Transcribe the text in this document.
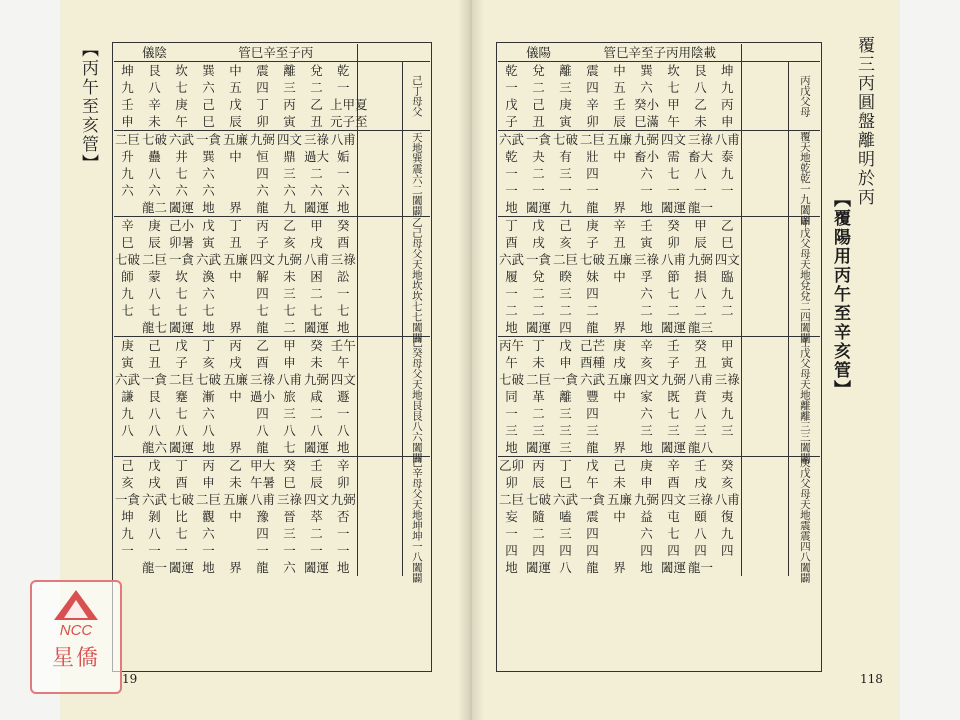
【丙午至亥管】	儀陰			管巳辛至子丙							
坤	艮	坎	巽	中	震	離	兌	乾		己丁母父
九	八	七	六	五	四	三	二	一		
壬	辛	庚	己	戊	丁	丙	乙	上甲夏		
申	未	午	巳	辰	卯	寅	丑	元子至		
二巨	七破	六武	一貪	五廉	九弼	四文	三祿	八甫		天地巽震六二闔闢
升	蠱	井	巽	中	恒	鼎	過大	姤		
九	八	七	六		四	三	二	一		
六	六	六	六		六	六	六	六		
	龍二	闔運	地	界	龍	九	闔運	地		
辛	庚	己小	戊	丁	丙	乙	甲	癸		乙己母父天地坎坎七七闔闢
巳	辰	卯暑	寅	丑	子	亥	戌	酉		
七破	二巨	一貪	六武	五廉	四文	九弼	八甫	三祿		
師	蒙	坎	渙	中	解	未	困	訟		
九	八	七	六		四	三	二	一		
七	七	七	七		七	七	七	七		
	龍七	闔運	地	界	龍	二	闔運	地		
庚	己	戊	丁	丙	乙	甲	癸	壬午		己癸母父天地艮艮八六闔闢
寅	丑	子	亥	戌	酉	申	未	午		
六武	一貪	二巨	七破	五廉	三祿	八甫	九弼	四文		
謙	艮	蹇	漸	中	過小	旅	咸	遯		
九	八	七	六		四	三	二	一		
八	八	八	八		八	八	八	八		
	龍六	闔運	地	界	龍	七	闔運	地		
己	戊	丁	丙	乙	甲大	癸	壬	辛		己辛母父天地坤坤一八闔闢
亥	戌	酉	申	未	午暑	巳	辰	卯		
一貪	六武	七破	二巨	五廉	八甫	三祿	四文	九弼		
坤	剝	比	觀	中	豫	晉	萃	否		
九	八	七	六		四	三	二	一		
一	一	一	一		一	一	一	一		
	龍一	闔運	地	界	龍	六	闔運	地		
19
儀陽			管巳辛至子丙用陰載							
乾	兌	離	震	中	巽	坎	艮	坤		丙戊父母
一	二	三	四	五	六	七	八	九		
戊	己	庚	辛	壬	癸小	甲	乙	丙		
子	丑	寅	卯	辰	巳滿	午	未	申		
六武	一貪	七破	二巨	五廉	九弼	四文	三祿	八甫		覆天地乾乾一九闔闢
乾	夬	有	壯	中	畜小	需	畜大	泰		
一	二	三	四		六	七	八	九		
一	一	一	一		一	一	一	一		
地	闔運	九	龍	界	地	闔運	龍一			
丁	戊	己	庚	辛	壬	癸	甲	乙		甲戊父母天地兌兌二四闔闢
酉	戌	亥	子	丑	寅	卯	辰	巳		
六武	一貪	二巨	七破	五廉	三祿	八甫	九弼	四文		
履	兌	睽	妹	中	孚	節	損	臨		
一	二	三	四		六	七	八	九		
二	二	二	二		二	二	二	二		
地	闔運	四	龍	界	地	闔運	龍三			
丙午	丁	戊	己芒	庚	辛	壬	癸	甲		壬戊父母天地離離三三闔闢
午	未	申	酉種	戌	亥	子	丑	寅		
七破	二巨	一貪	六武	五廉	四文	九弼	八甫	三祿		
同	革	離	豐	中	家	既	賁	夷		
一	二	三	四		六	七	八	九		
三	三	三	三		三	三	三	三		
地	闔運	三	龍	界	地	闔運	龍八			
乙卯	丙	丁	戊	己	庚	辛	壬	癸		庚戊父母天地震震四八闔闢
卯	辰	巳	午	未	申	酉	戌	亥		
二巨	七破	六武	一貪	五廉	九弼	四文	三祿	八甫		
妄	隨	嗑	震	中	益	屯	頤	復		
一	二	三	四		六	七	八	九		
四	四	四	四		四	四	四	四		
地	闔運	八	龍	界	地	闔運	龍一			
覆三丙圓盤離明於丙
【覆陽用丙午至辛亥管】
118
NCC
星僑
